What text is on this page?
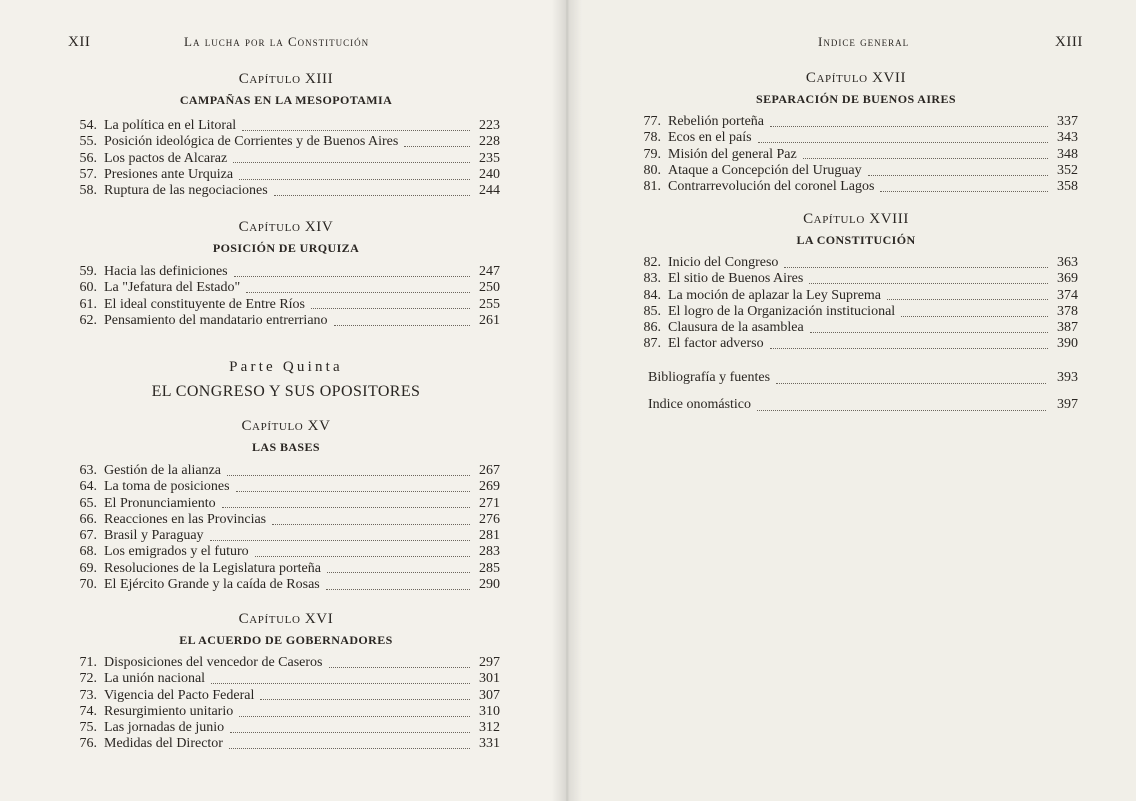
XII	La lucha por la Constitución
Capítulo XIII
CAMPAÑAS EN LA MESOPOTAMIA
54. La política en el Litoral	223
55. Posición ideológica de Corrientes y de Buenos Aires	228
56. Los pactos de Alcaraz	235
57. Presiones ante Urquiza	240
58. Ruptura de las negociaciones	244
Capítulo XIV
POSICIÓN DE URQUIZA
59. Hacia las definiciones	247
60. La "Jefatura del Estado"	250
61. El ideal constituyente de Entre Ríos	255
62. Pensamiento del mandatario entrerriano	261
Parte Quinta
EL CONGRESO Y SUS OPOSITORES
Capítulo XV
LAS BASES
63. Gestión de la alianza	267
64. La toma de posiciones	269
65. El Pronunciamiento	271
66. Reacciones en las Provincias	276
67. Brasil y Paraguay	281
68. Los emigrados y el futuro	283
69. Resoluciones de la Legislatura porteña	285
70. El Ejército Grande y la caída de Rosas	290
Capítulo XVI
EL ACUERDO DE GOBERNADORES
71. Disposiciones del vencedor de Caseros	297
72. La unión nacional	301
73. Vigencia del Pacto Federal	307
74. Resurgimiento unitario	310
75. Las jornadas de junio	312
76. Medidas del Director	331
Indice general	XIII
Capítulo XVII
SEPARACIÓN DE BUENOS AIRES
77. Rebelión porteña	337
78. Ecos en el país	343
79. Misión del general Paz	348
80. Ataque a Concepción del Uruguay	352
81. Contrarrevolución del coronel Lagos	358
Capítulo XVIII
LA CONSTITUCIÓN
82. Inicio del Congreso	363
83. El sitio de Buenos Aires	369
84. La moción de aplazar la Ley Suprema	374
85. El logro de la Organización institucional	378
86. Clausura de la asamblea	387
87. El factor adverso	390
Bibliografía y fuentes	393
Indice onomástico	397
